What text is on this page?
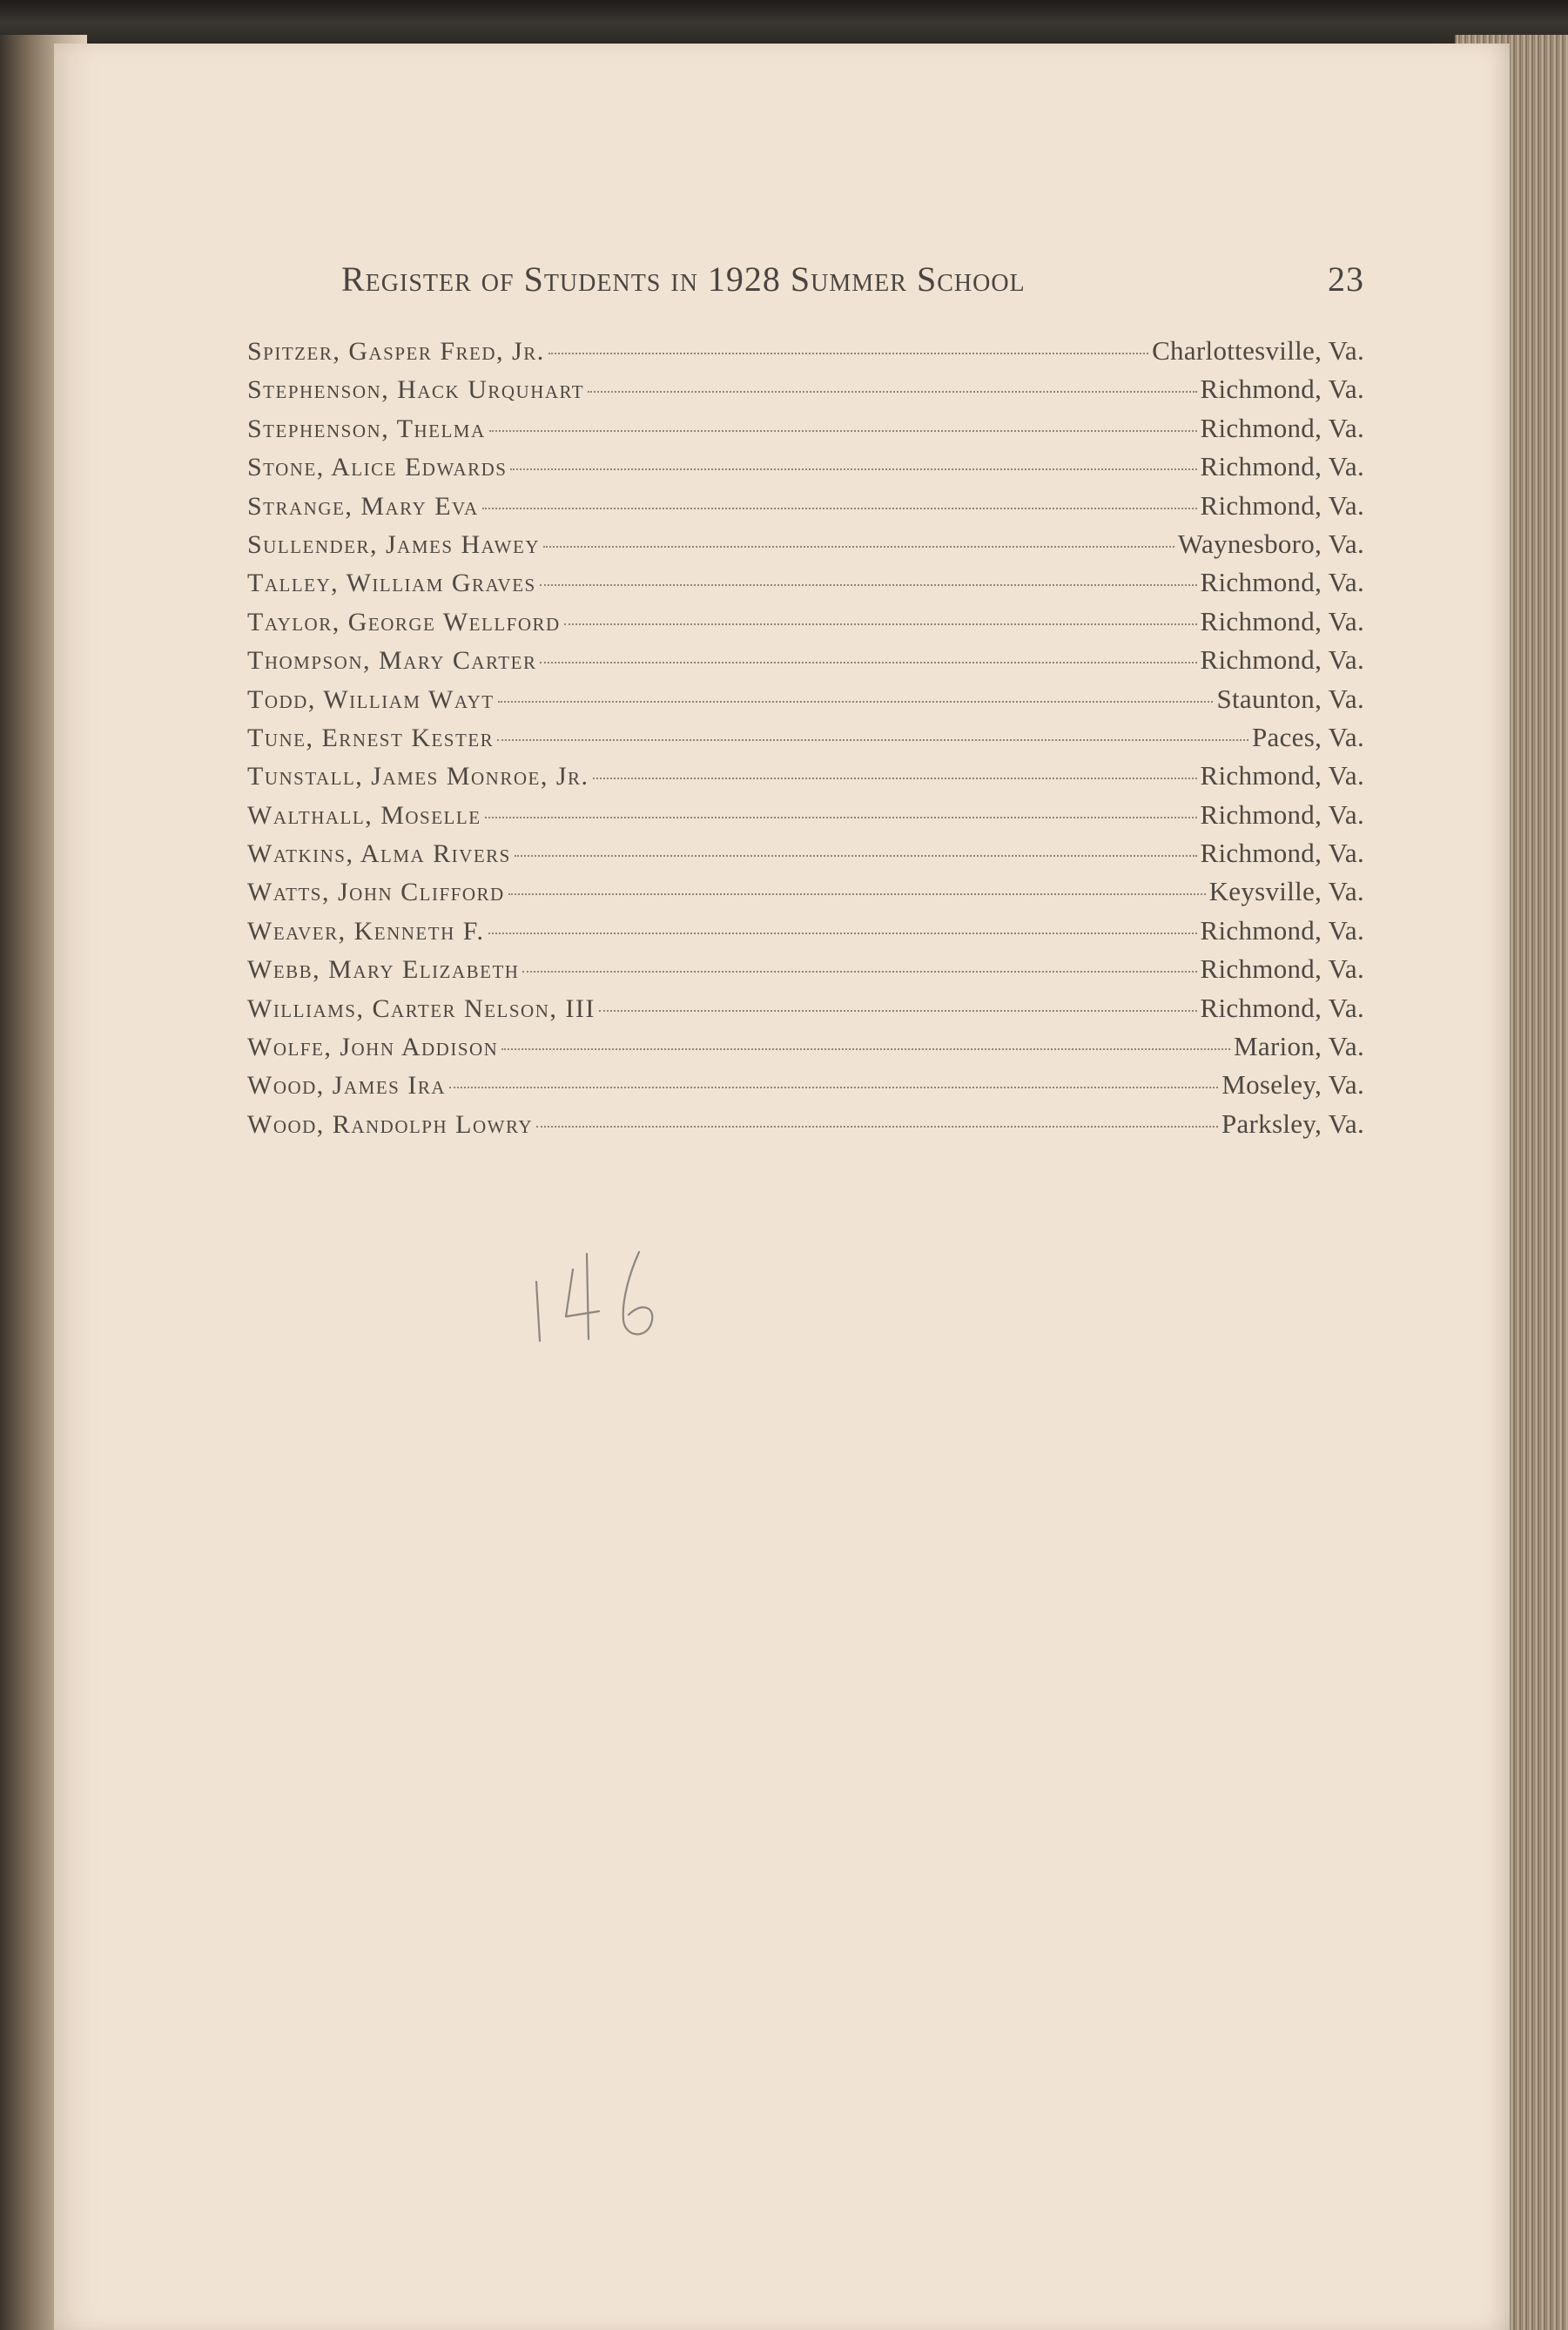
Register of Students in 1928 Summer School	23
Spitzer, Gasper Fred, Jr.	Charlottesville, Va.
Stephenson, Hack Urquhart	Richmond, Va.
Stephenson, Thelma	Richmond, Va.
Stone, Alice Edwards	Richmond, Va.
Strange, Mary Eva	Richmond, Va.
Sullender, James Hawey	Waynesboro, Va.
Talley, William Graves	Richmond, Va.
Taylor, George Wellford	Richmond, Va.
Thompson, Mary Carter	Richmond, Va.
Todd, William Wayt	Staunton, Va.
Tune, Ernest Kester	Paces, Va.
Tunstall, James Monroe, Jr.	Richmond, Va.
Walthall, Moselle	Richmond, Va.
Watkins, Alma Rivers	Richmond, Va.
Watts, John Clifford	Keysville, Va.
Weaver, Kenneth F.	Richmond, Va.
Webb, Mary Elizabeth	Richmond, Va.
Williams, Carter Nelson, III	Richmond, Va.
Wolfe, John Addison	Marion, Va.
Wood, James Ira	Moseley, Va.
Wood, Randolph Lowry	Parksley, Va.
